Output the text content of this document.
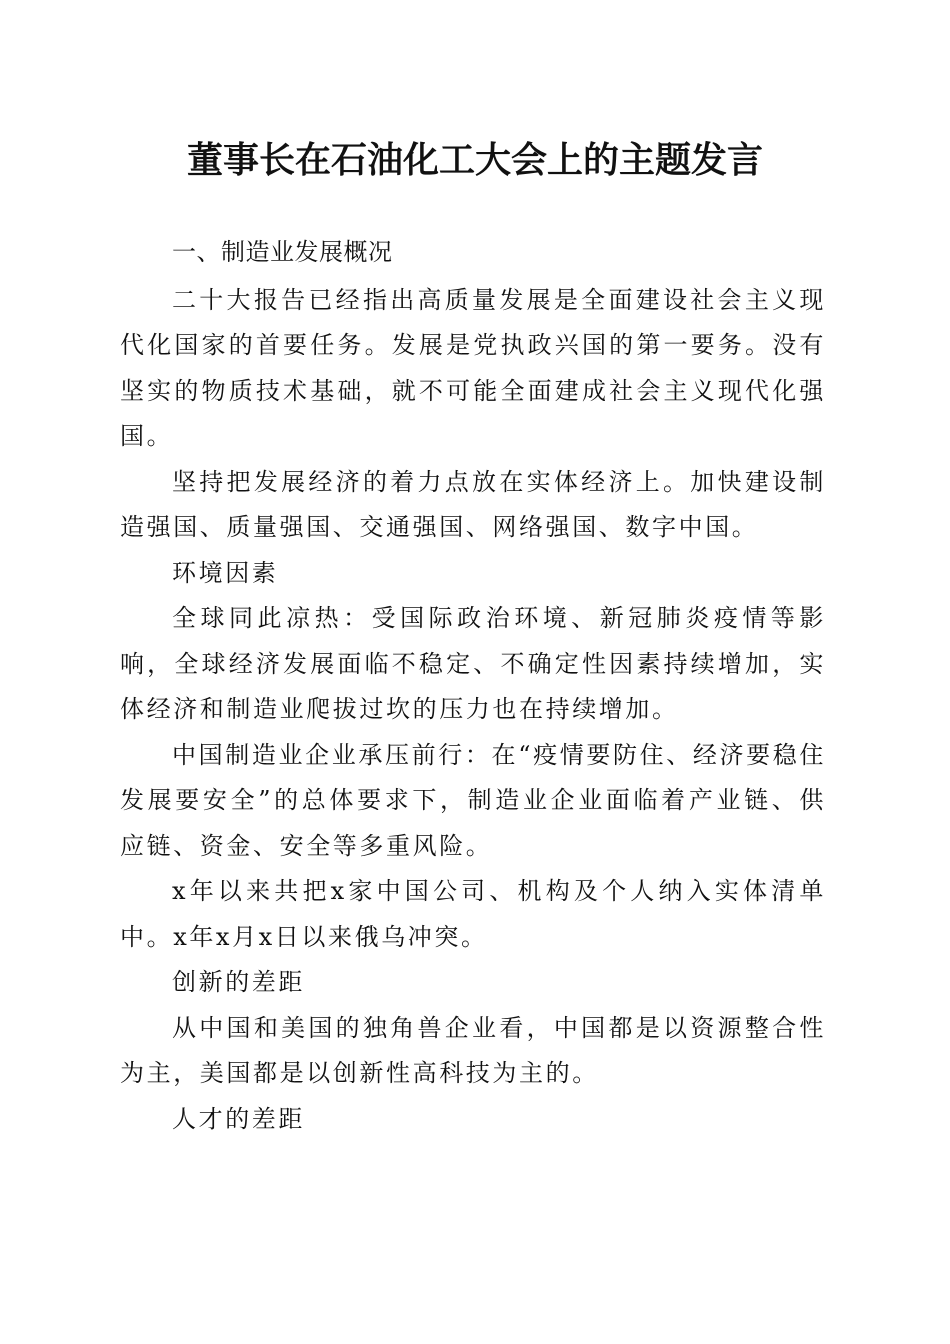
董事长在石油化工大会上的主题发言

一、制造业发展概况

二十大报告已经指出高质量发展是全面建设社会主义现代化国家的首要任务。发展是党执政兴国的第一要务。没有坚实的物质技术基础，就不可能全面建成社会主义现代化强国。

坚持把发展经济的着力点放在实体经济上。加快建设制造强国、质量强国、交通强国、网络强国、数字中国。

环境因素

全球同此凉热：受国际政治环境、新冠肺炎疫情等影响，全球经济发展面临不稳定、不确定性因素持续增加，实体经济和制造业爬拔过坎的压力也在持续增加。

中国制造业企业承压前行：在“疫情要防住、经济要稳住发展要安全”的总体要求下，制造业企业面临着产业链、供应链、资金、安全等多重风险。

x年以来共把x家中国公司、机构及个人纳入实体清单中。x年x月x日以来俄乌冲突。

创新的差距

从中国和美国的独角兽企业看，中国都是以资源整合性为主，美国都是以创新性高科技为主的。

人才的差距
